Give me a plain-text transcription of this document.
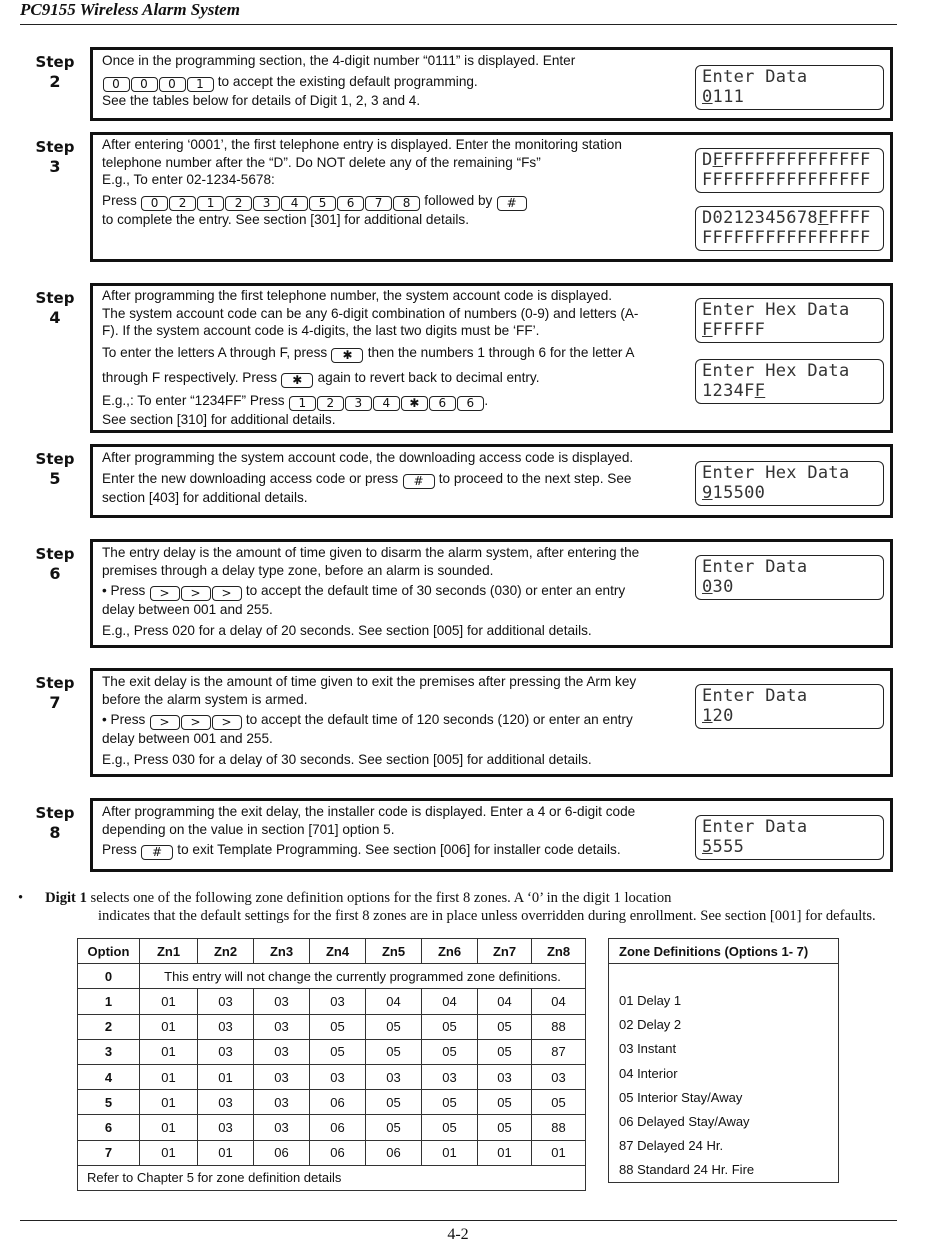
PC9155 Wireless Alarm System
Step
2

Once in the programming section, the 4-digit number “0111” is displayed. Enter

0 0 0 1 to accept the existing default programming.

See the tables below for details of Digit 1, 2, 3 and 4.

Enter Data
0111
Step
3

After entering ‘0001’, the first telephone entry is displayed. Enter the monitoring station

telephone number after the “D”. Do NOT delete any of the remaining “Fs”

E.g., To enter 02-1234-5678:

Press 0 2 1 2 3 4 5 6 7 8 followed by #

to complete the entry. See section [301] for additional details.

DFFFFFFFFFFFFFFF
FFFFFFFFFFFFFFFF
D0212345678FFFFF
FFFFFFFFFFFFFFFF
Step
4

After programming the first telephone number, the system account code is displayed.

The system account code can be any 6-digit combination of numbers (0-9) and letters (A-

F). If the system account code is 4-digits, the last two digits must be ‘FF’.

To enter the letters A through F, press ✱ then the numbers 1 through 6 for the letter A

through F respectively. Press ✱ again to revert back to decimal entry.

E.g.,: To enter “1234FF” Press 1 2 3 4 ✱ 6 6 .

See section [310] for additional details.

Enter Hex Data
FFFFFF
Enter Hex Data
1234FF
Step
5

After programming the system account code, the downloading access code is displayed.

Enter the new downloading access code or press # to proceed to the next step. See

section [403] for additional details.

Enter Hex Data
915500
Step
6

The entry delay is the amount of time given to disarm the alarm system, after entering the

premises through a delay type zone, before an alarm is sounded.

• Press > > > to accept the default time of 30 seconds (030) or enter an entry

delay between 001 and 255.

E.g., Press 020 for a delay of 20 seconds. See section [005] for additional details.

Enter Data
030
Step
7

The exit delay is the amount of time given to exit the premises after pressing the Arm key

before the alarm system is armed.

• Press > > > to accept the default time of 120 seconds (120) or enter an entry

delay between 001 and 255.

E.g., Press 030 for a delay of 30 seconds. See section [005] for additional details.

Enter Data
120
Step
8

After programming the exit delay, the installer code is displayed. Enter a 4 or 6-digit code

depending on the value in section [701] option 5.

Press # to exit Template Programming. See section [006] for installer code details.

Enter Data
5555
• Digit 1 selects one of the following zone definition options for the first 8 zones. A ‘0’ in the digit 1 location
indicates that the default settings for the first 8 zones are in place unless overridden during enrollment. See section [001] for defaults.
Option	Zn1	Zn2	Zn3	Zn4	Zn5	Zn6	Zn7	Zn8
0	This entry will not change the currently programmed zone definitions.							
1	01	03	03	03	04	04	04	04
2	01	03	03	05	05	05	05	88
3	01	03	03	05	05	05	05	87
4	01	01	03	03	03	03	03	03
5	01	03	03	06	05	05	05	05
6	01	03	03	06	05	05	05	88
7	01	01	06	06	06	01	01	01
Refer to Chapter 5 for zone definition details								
Zone Definitions (Options 1- 7)

01 Delay 1
02 Delay 2
03 Instant
04 Interior
05 Interior Stay/Away
06 Delayed Stay/Away
87 Delayed 24 Hr.
88 Standard 24 Hr. Fire
4-2
